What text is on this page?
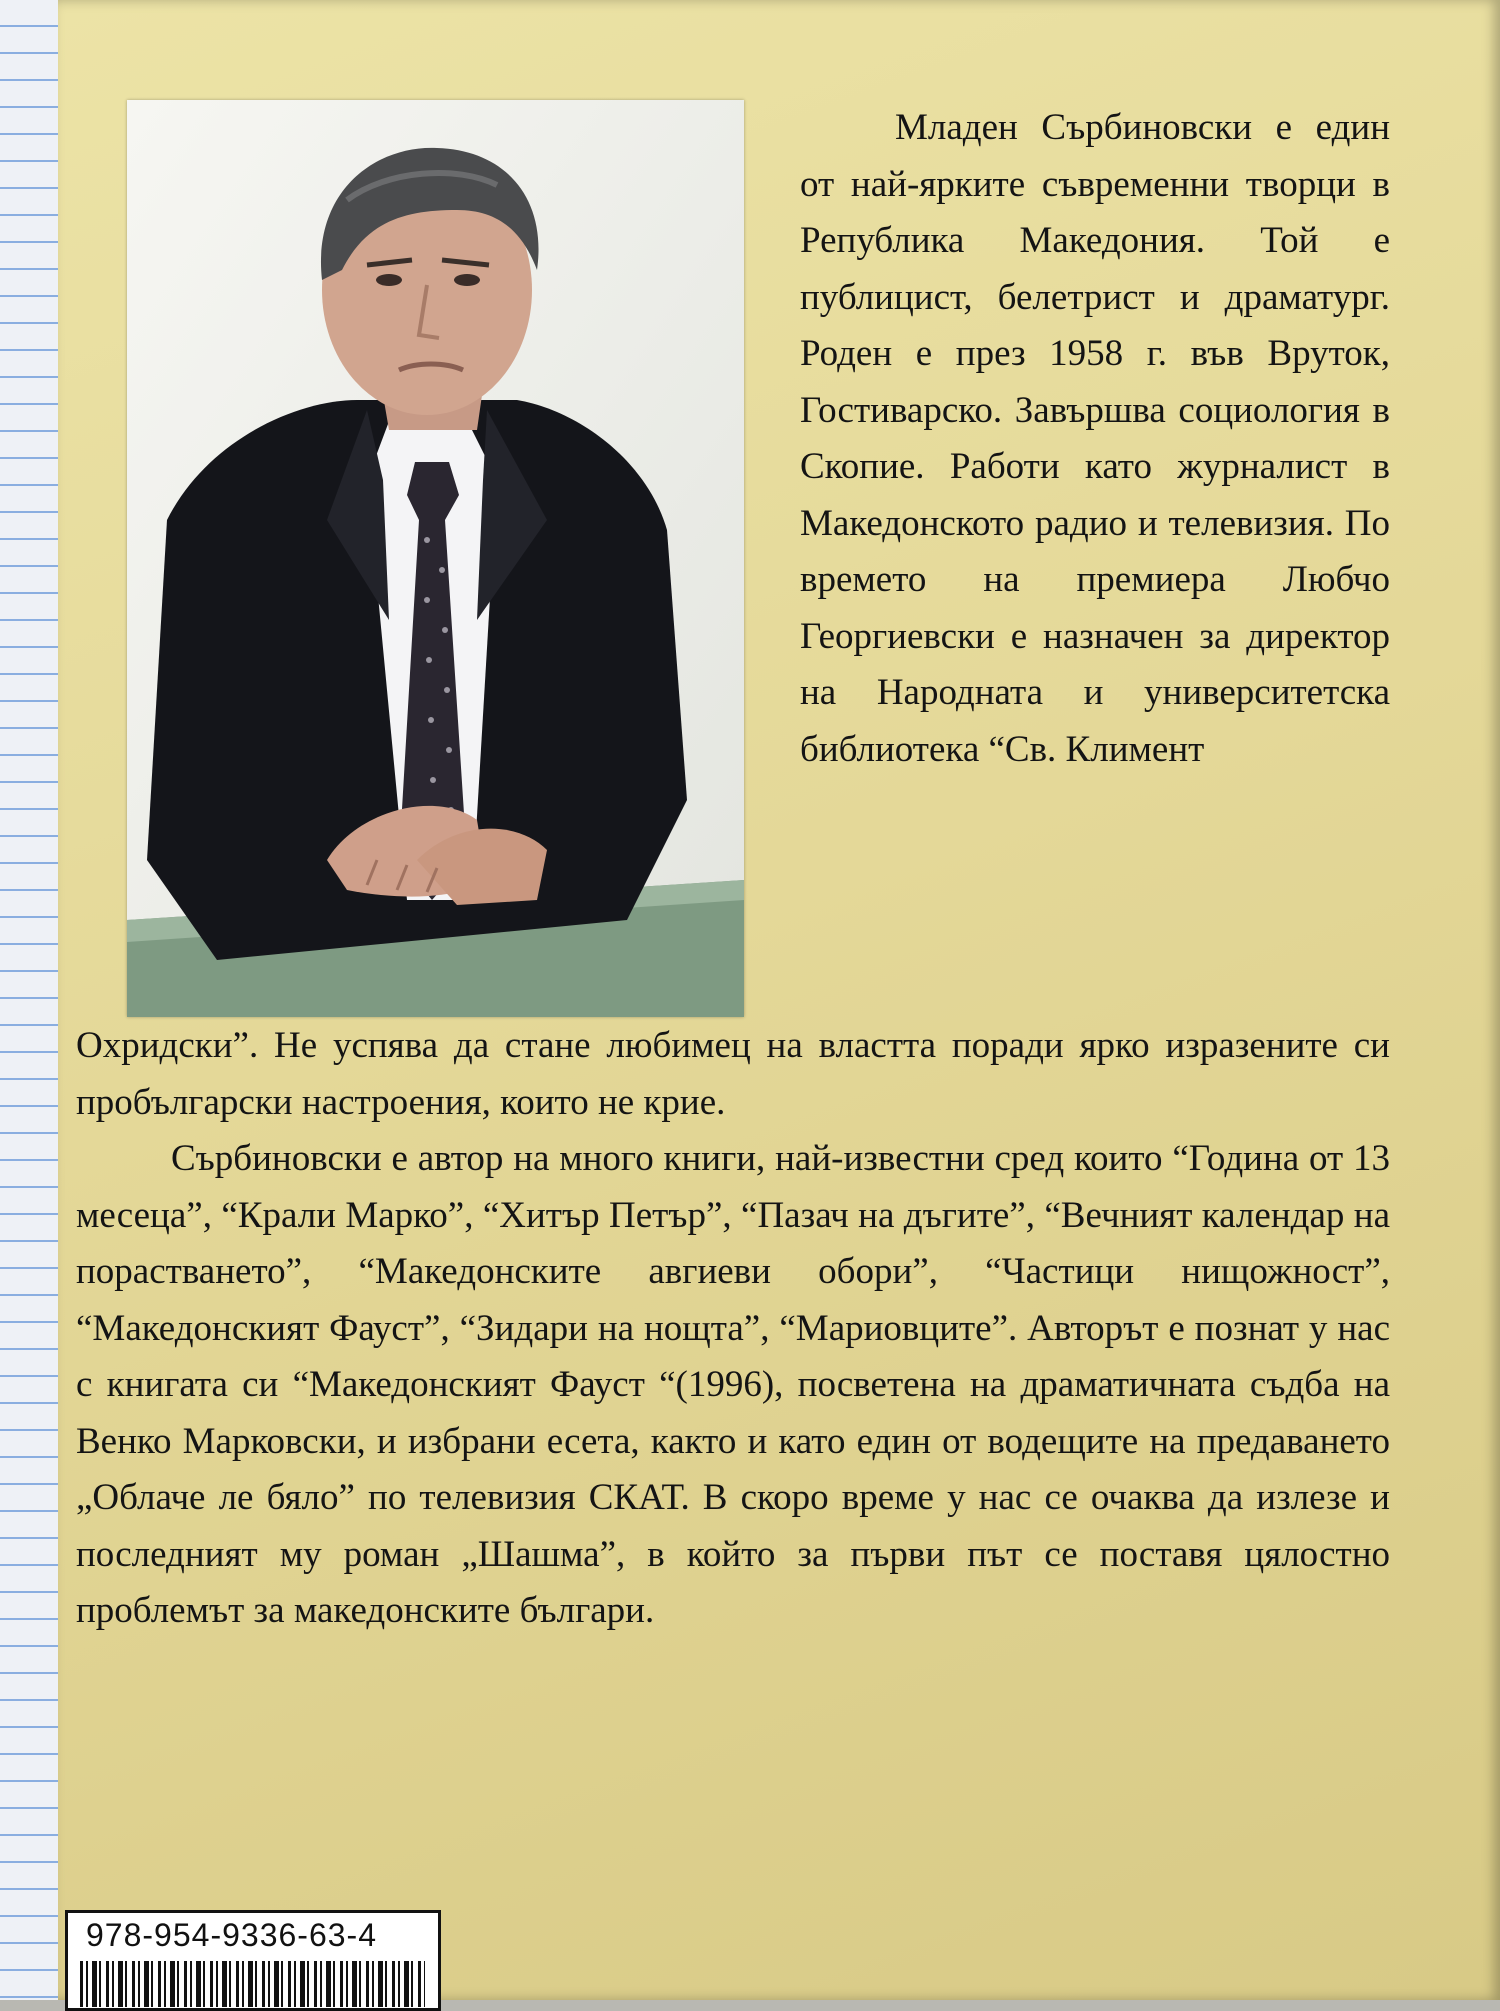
Младен Сърбиновски е един от най-ярките съвременни творци в Република Македония. Той е публицист, белетрист и драматург. Роден е през 1958 г. във Вруток, Гостиварско. Завършва социология в Скопие. Работи като журналист в Македонското радио и телевизия. По времето на премиера Любчо Георгиевски е назначен за директор на Народната и университетска библиотека “Св. Климент

Охридски”. Не успява да стане любимец на властта поради ярко изразените си пробългарски настроения, които не крие.

Сърбиновски е автор на много книги, най-известни сред които “Година от 13 месеца”, “Крали Марко”, “Хитър Петър”, “Пазач на дъгите”, “Вечният календар на порастването”, “Македонските авгиеви обори”, “Частици нищожност”, “Македонският Фауст”, “Зидари на нощта”, “Мариовците”. Авторът е познат у нас с книгата си “Македонският Фауст “(1996), посветена на драматичната съдба на Венко Марковски, и избрани есета, както и като един от водещите на предаването „Облаче ле бяло” по телевизия СКАТ. В скоро време у нас се очаква да излезе и последният му роман „Шашма”, в който за първи път се поставя цялостно проблемът за македонските българи.

978-954-9336-63-4
